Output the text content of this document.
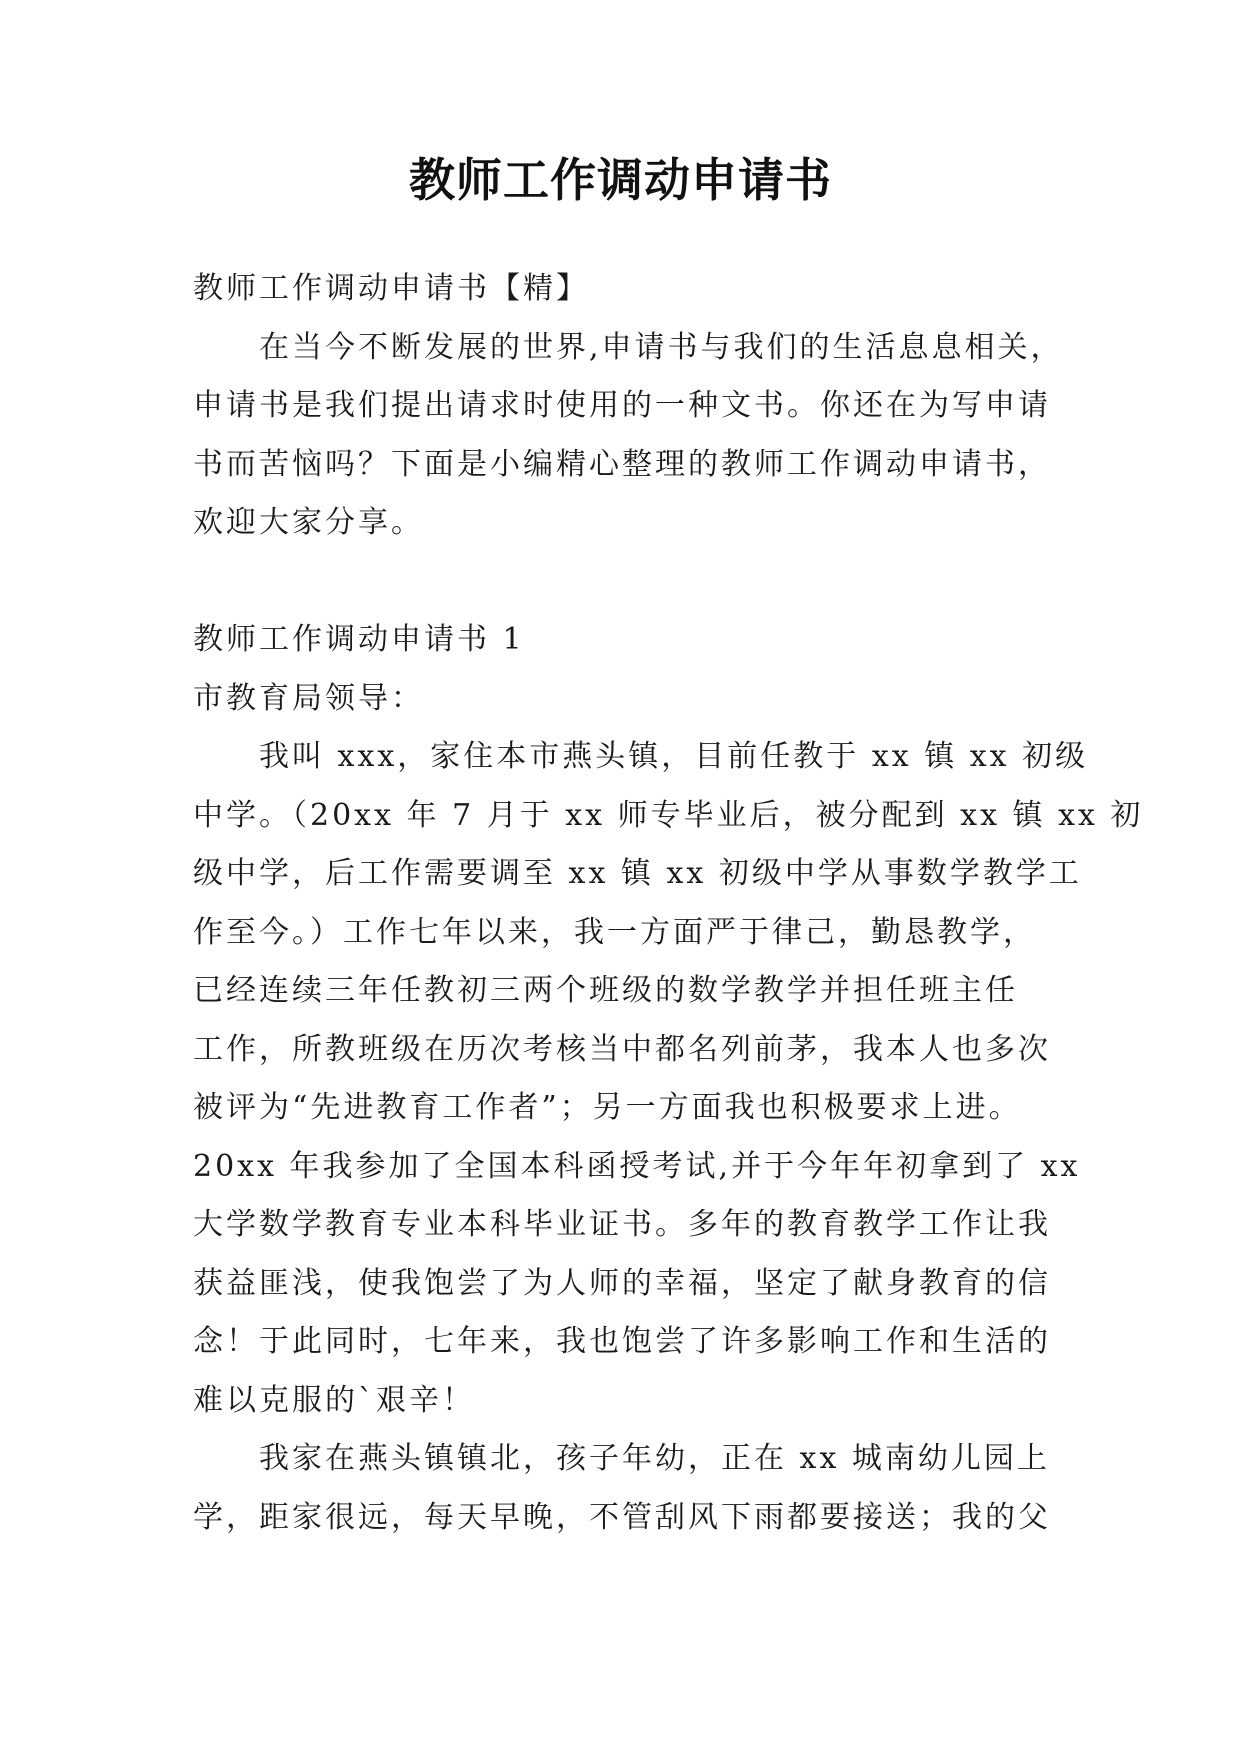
教师工作调动申请书

教师工作调动申请书【精】

在当今不断发展的世界,申请书与我们的生活息息相关，

申请书是我们提出请求时使用的一种文书。你还在为写申请

书而苦恼吗？下面是小编精心整理的教师工作调动申请书，

欢迎大家分享。

教师工作调动申请书 1

市教育局领导：

我叫 xxx，家住本市燕头镇，目前任教于 xx 镇 xx 初级

中学。（20xx 年 7 月于 xx 师专毕业后，被分配到 xx 镇 xx 初

级中学，后工作需要调至 xx 镇 xx 初级中学从事数学教学工

作至今。）工作七年以来，我一方面严于律己，勤恳教学，

已经连续三年任教初三两个班级的数学教学并担任班主任

工作，所教班级在历次考核当中都名列前茅，我本人也多次

被评为“先进教育工作者”；另一方面我也积极要求上进。

20xx 年我参加了全国本科函授考试,并于今年年初拿到了 xx

大学数学教育专业本科毕业证书。多年的教育教学工作让我

获益匪浅，使我饱尝了为人师的幸福，坚定了献身教育的信

念！于此同时，七年来，我也饱尝了许多影响工作和生活的

难以克服的`艰辛！

我家在燕头镇镇北，孩子年幼，正在 xx 城南幼儿园上

学，距家很远，每天早晚，不管刮风下雨都要接送；我的父
